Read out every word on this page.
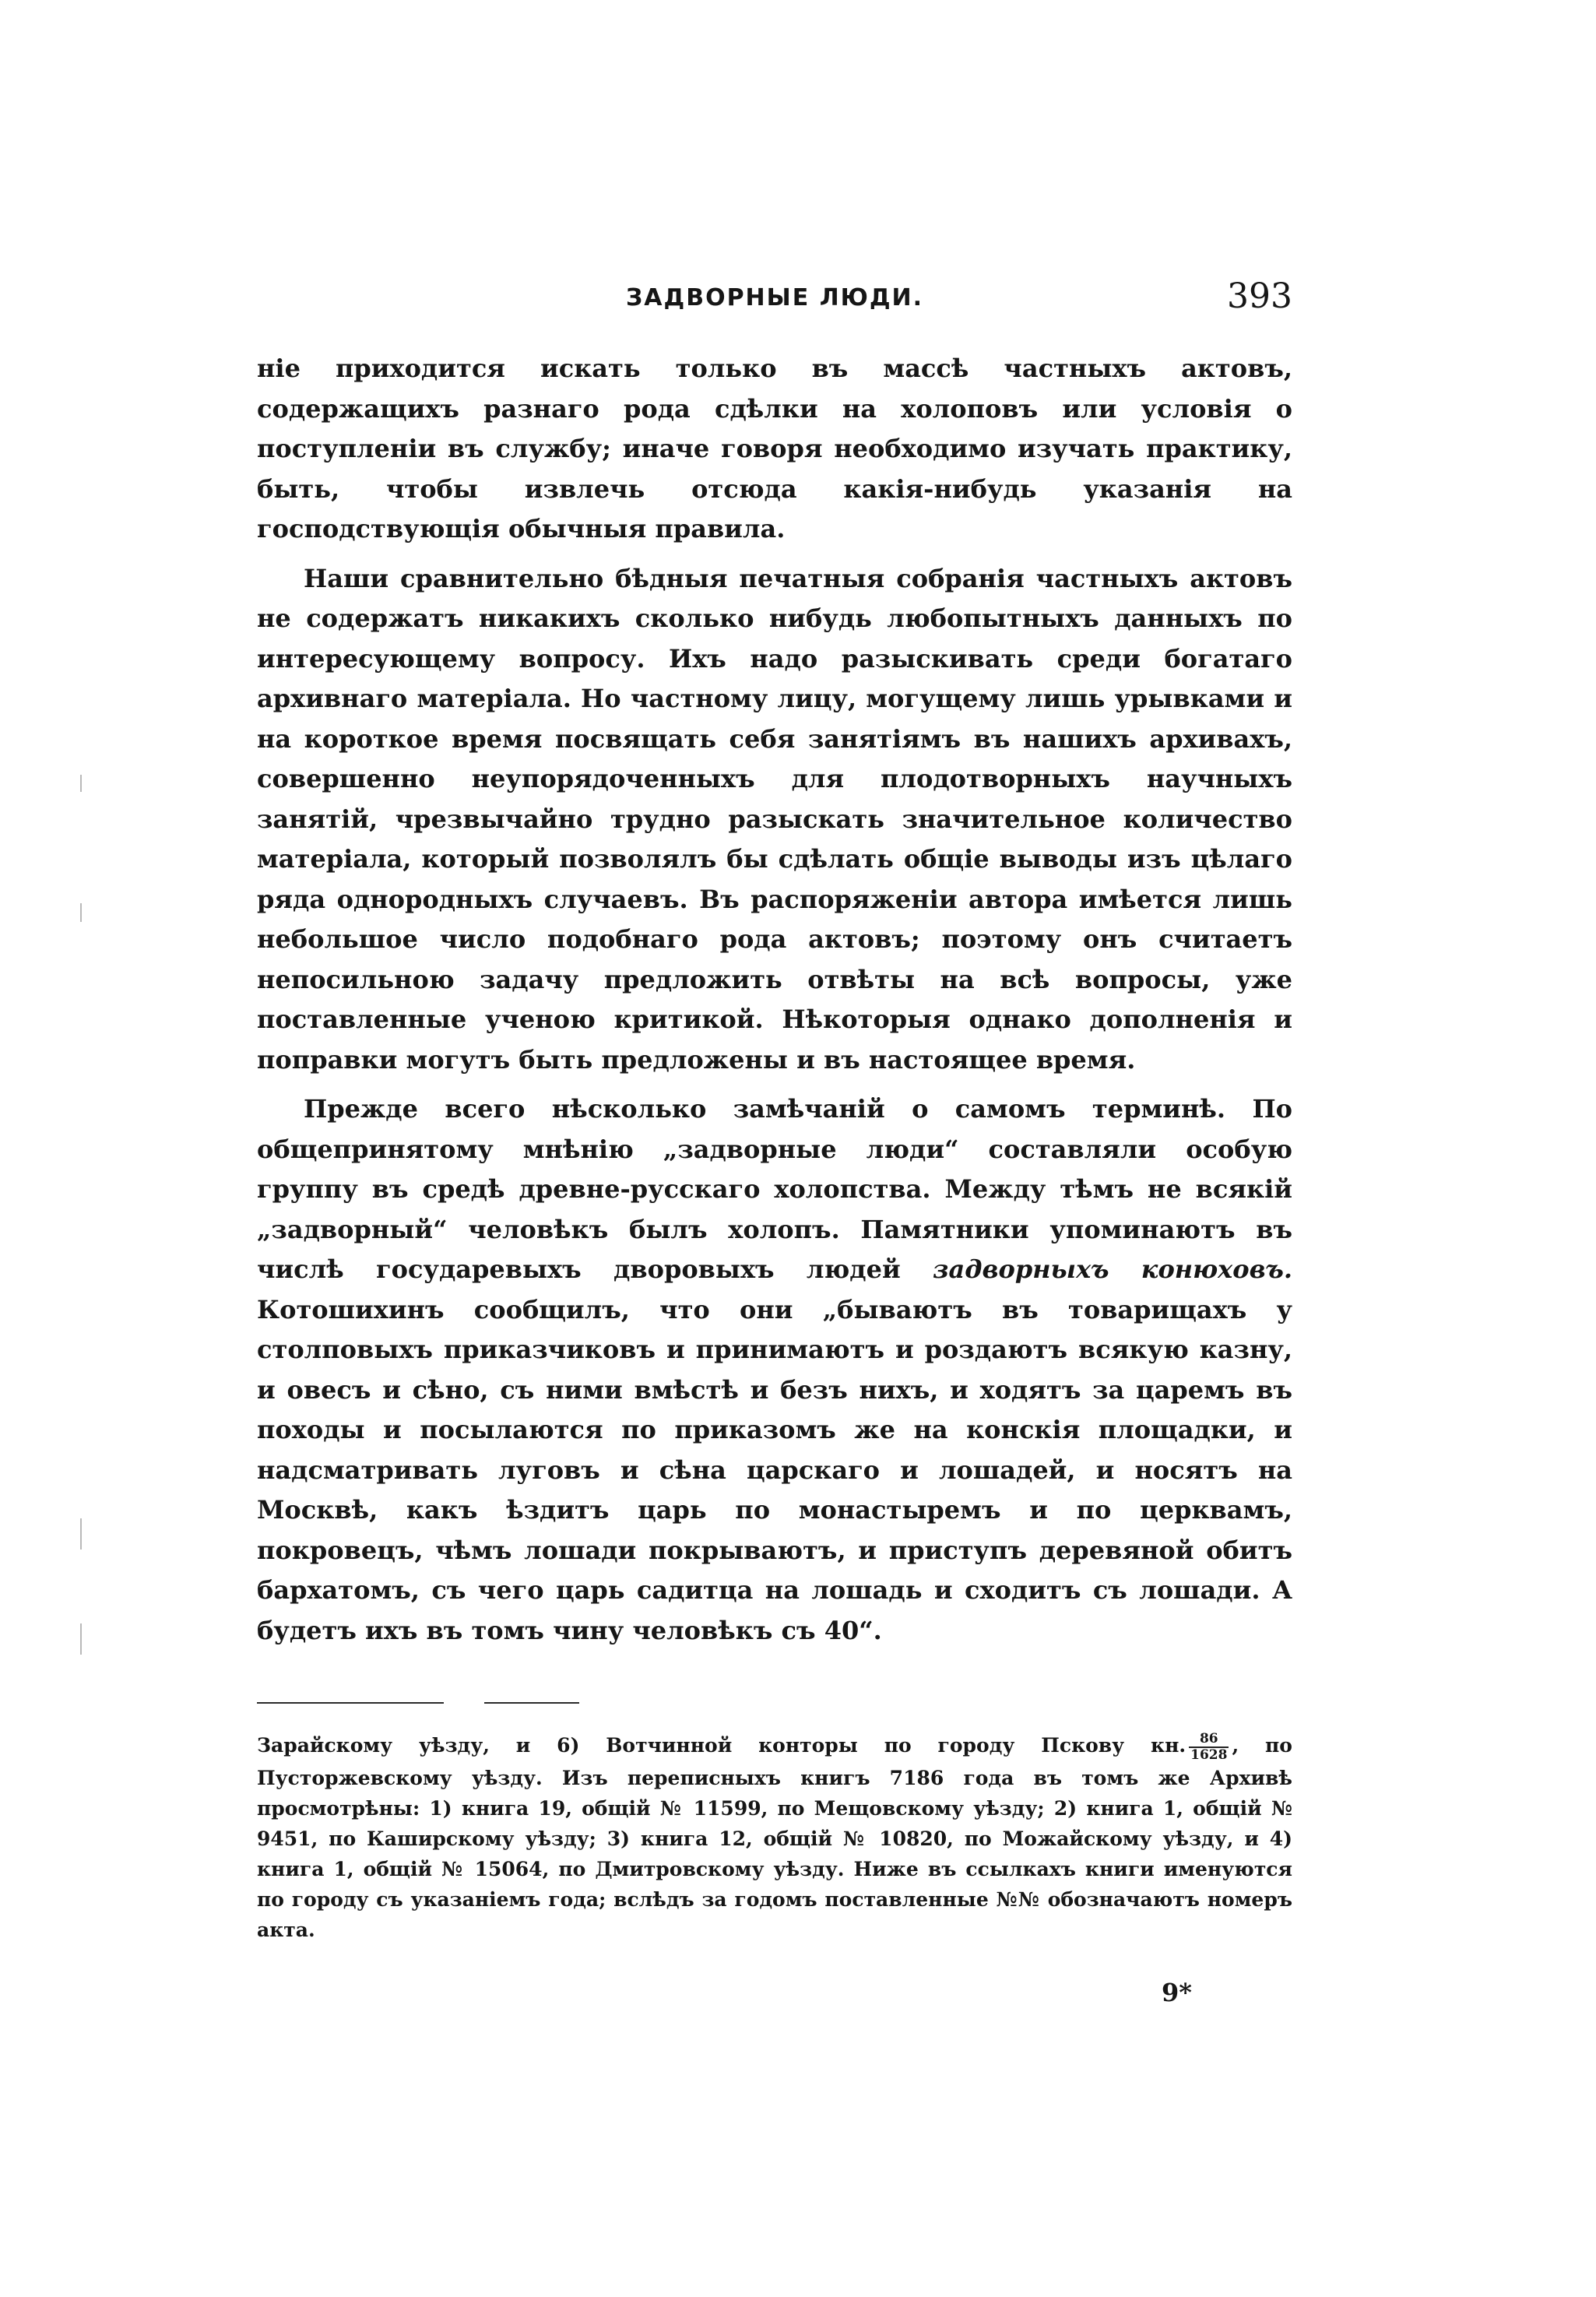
ЗАДВОРНЫЕ ЛЮДИ.	393

ніе приходится искать только въ массѣ частныхъ актовъ, содержащихъ разнаго рода сдѣлки на холоповъ или условія о поступленіи въ службу; иначе говоря необходимо изучать практику, быть, чтобы извлечь отсюда какія-нибудь указанія на господствующія обычныя правила.

Наши сравнительно бѣдныя печатныя собранія частныхъ актовъ не содержатъ никакихъ сколько нибудь любопытныхъ данныхъ по интересующему вопросу. Ихъ надо разыскивать среди богатаго архивнаго матеріала. Но частному лицу, могущему лишь урывками и на короткое время посвящать себя занятіямъ въ нашихъ архивахъ, совершенно неупорядоченныхъ для плодотворныхъ научныхъ занятій, чрезвычайно трудно разыскать значительное количество матеріала, который позволялъ бы сдѣлать общіе выводы изъ цѣлаго ряда однородныхъ случаевъ. Въ распоряженіи автора имѣется лишь небольшое число подобнаго рода актовъ; поэтому онъ считаетъ непосильною задачу предложить отвѣты на всѣ вопросы, уже поставленные ученою критикой. Нѣкоторыя однако дополненія и поправки могутъ быть предложены и въ настоящее время.

Прежде всего нѣсколько замѣчаній о самомъ терминѣ. По общепринятому мнѣнію „задворные люди“ составляли особую группу въ средѣ древне-русскаго холопства. Между тѣмъ не всякій „задворный“ человѣкъ былъ холопъ. Памятники упоминаютъ въ числѣ государевыхъ дворовыхъ людей задворныхъ конюховъ. Котошихинъ сообщилъ, что они „бываютъ въ товарищахъ у столповыхъ приказчиковъ и принимаютъ и роздаютъ всякую казну, и овесъ и сѣно, съ ними вмѣстѣ и безъ нихъ, и ходятъ за царемъ въ походы и посылаются по приказомъ же на конскія площадки, и надсматривать луговъ и сѣна царскаго и лошадей, и носятъ на Москвѣ, какъ ѣздитъ царь по монастыремъ и по церквамъ, покровецъ, чѣмъ лошади покрываютъ, и приступъ деревяной обитъ бархатомъ, съ чего царь садитца на лошадь и сходитъ съ лошади. А будетъ ихъ въ томъ чину человѣкъ съ 40“.

Зарайскому уѣзду, и 6) Вотчинной конторы по городу Пскову кн. $\frac{86}{1628}$ , по Пусторжевскому уѣзду. Изъ переписныхъ книгъ 7186 года въ томъ же Архивѣ просмотрѣны: 1) книга 19, общій № 11599, по Мещовскому уѣзду; 2) книга 1, общій № 9451, по Каширскому уѣзду; 3) книга 12, общій № 10820, по Можайскому уѣзду, и 4) книга 1, общій № 15064, по Дмитровскому уѣзду. Ниже въ ссылкахъ книги именуются по городу съ указаніемъ года; вслѣдъ за годомъ поставленные №№ обозначаютъ номеръ акта.

9*
